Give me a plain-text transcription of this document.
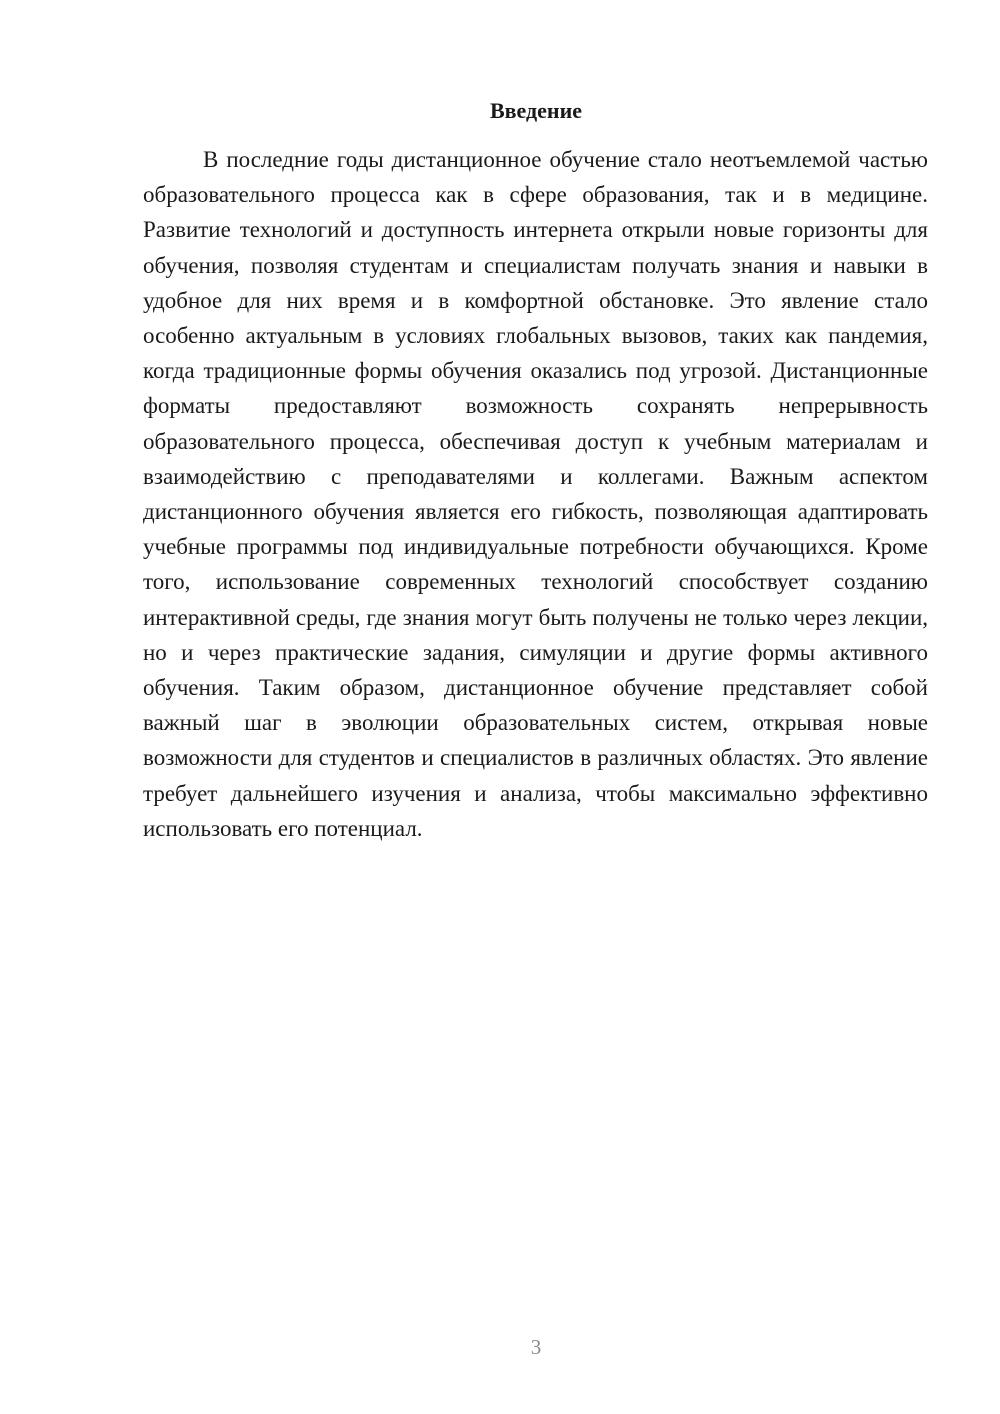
Введение

В последние годы дистанционное обучение стало неотъемлемой частью образовательного процесса как в сфере образования, так и в медицине. Развитие технологий и доступность интернета открыли новые горизонты для обучения, позволяя студентам и специалистам получать знания и навыки в удобное для них время и в комфортной обстановке. Это явление стало особенно актуальным в условиях глобальных вызовов, таких как пандемия, когда традиционные формы обучения оказались под угрозой. Дистанционные форматы предоставляют возможность сохранять непрерывность образовательного процесса, обеспечивая доступ к учебным материалам и взаимодействию с преподавателями и коллегами. Важным аспектом дистанционного обучения является его гибкость, позволяющая адаптировать учебные программы под индивидуальные потребности обучающихся. Кроме того, использование современных технологий способствует созданию интерактивной среды, где знания могут быть получены не только через лекции, но и через практические задания, симуляции и другие формы активного обучения. Таким образом, дистанционное обучение представляет собой важный шаг в эволюции образовательных систем, открывая новые возможности для студентов и специалистов в различных областях. Это явление требует дальнейшего изучения и анализа, чтобы максимально эффективно использовать его потенциал.

3
